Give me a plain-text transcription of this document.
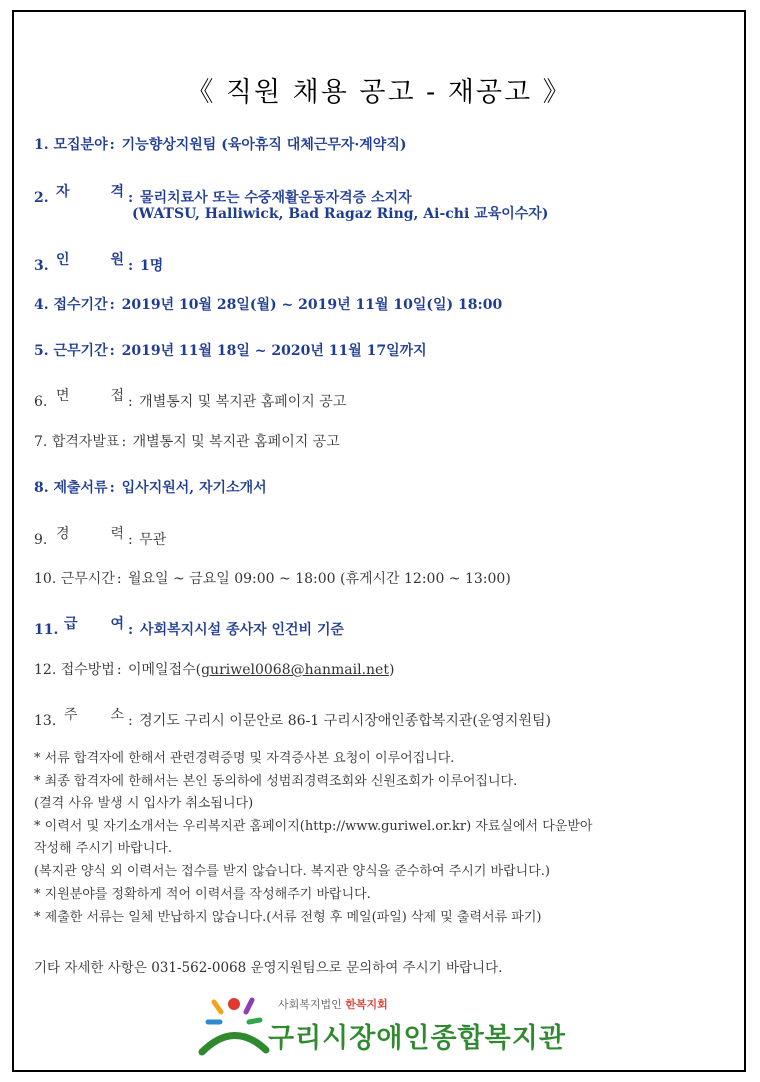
《 직원 채용 공고 - 재공고 》
1. 모집분야 : 기능향상지원팀 (육아휴직 대체근무자·계약직)
2. 자	격 : 물리치료사 또는 수중재활운동자격증 소지자
(WATSU, Halliwick, Bad Ragaz Ring, Ai-chi 교육이수자)
3. 인	원 : 1명
4. 접수기간 : 2019년 10월 28일(월) ~ 2019년 11월 10일(일) 18:00
5. 근무기간 : 2019년 11월 18일 ~ 2020년 11월 17일까지
6. 면	접 : 개별통지 및 복지관 홈페이지 공고
7. 합격자발표 : 개별통지 및 복지관 홈페이지 공고
8. 제출서류 : 입사지원서, 자기소개서
9. 경	력 : 무관
10. 근무시간 : 월요일 ~ 금요일 09:00 ~ 18:00 (휴게시간 12:00 ~ 13:00)
11. 급 여 : 사회복지시설 종사자 인건비 기준
12. 접수방법 : 이메일접수(guriwel0068@hanmail.net)
13. 주 소 : 경기도 구리시 이문안로 86-1 구리시장애인종합복지관(운영지원팀)
* 서류 합격자에 한해서 관련경력증명 및 자격증사본 요청이 이루어집니다.
* 최종 합격자에 한해서는 본인 동의하에 성범죄경력조회와 신원조회가 이루어집니다.
(결격 사유 발생 시 입사가 취소됩니다)
* 이력서 및 자기소개서는 우리복지관 홈페이지(http://www.guriwel.or.kr) 자료실에서 다운받아
작성해 주시기 바랍니다.
(복지관 양식 외 이력서는 접수를 받지 않습니다. 복지관 양식을 준수하여 주시기 바랍니다.)
* 지원분야를 정확하게 적어 이력서를 작성해주기 바랍니다.
* 제출한 서류는 일체 반납하지 않습니다.(서류 전형 후 메일(파일) 삭제 및 출력서류 파기)
기타 자세한 사항은 031-562-0068 운영지원팀으로 문의하여 주시기 바랍니다.
사회복지법인 한복지회
구리시장애인종합복지관
